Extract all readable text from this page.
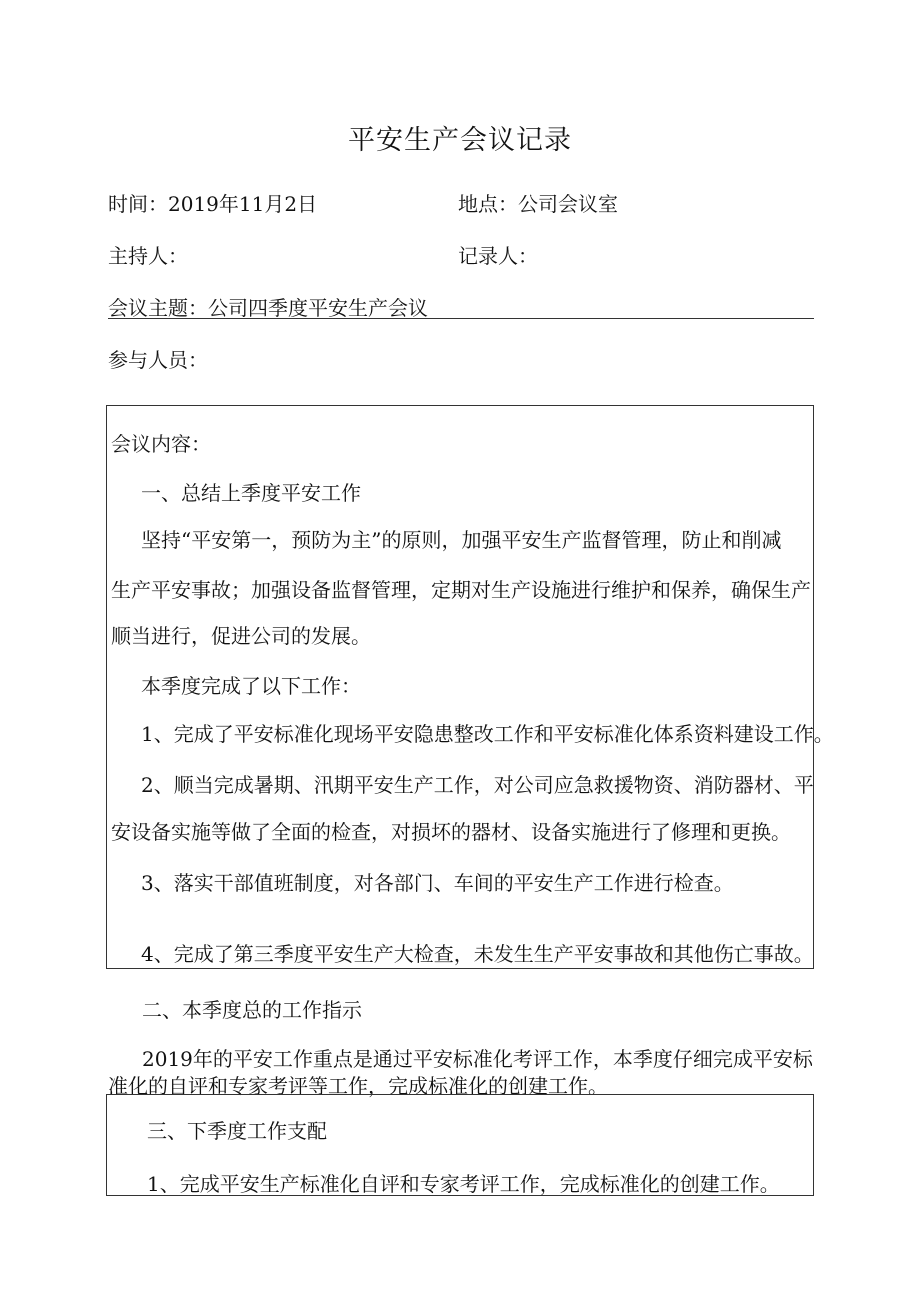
平安生产会议记录
时间：2019年11月2日	地点：公司会议室
主持人：	记录人：
会议主题：公司四季度平安生产会议
参与人员：
会议内容：
一、总结上季度平安工作
坚持“平安第一，预防为主”的原则，加强平安生产监督管理，防止和削减
生产平安事故；加强设备监督管理，定期对生产设施进行维护和保养，确保生产
顺当进行，促进公司的发展。
本季度完成了以下工作：
1、完成了平安标准化现场平安隐患整改工作和平安标准化体系资料建设工作。
2、顺当完成暑期、汛期平安生产工作，对公司应急救援物资、消防器材、平
安设备实施等做了全面的检查，对损坏的器材、设备实施进行了修理和更换。
3、落实干部值班制度，对各部门、车间的平安生产工作进行检查。
4、完成了第三季度平安生产大检查，未发生生产平安事故和其他伤亡事故。
二、本季度总的工作指示
2019年的平安工作重点是通过平安标准化考评工作，本季度仔细完成平安标
准化的自评和专家考评等工作，完成标准化的创建工作。
三、下季度工作支配
1、完成平安生产标准化自评和专家考评工作，完成标准化的创建工作。
